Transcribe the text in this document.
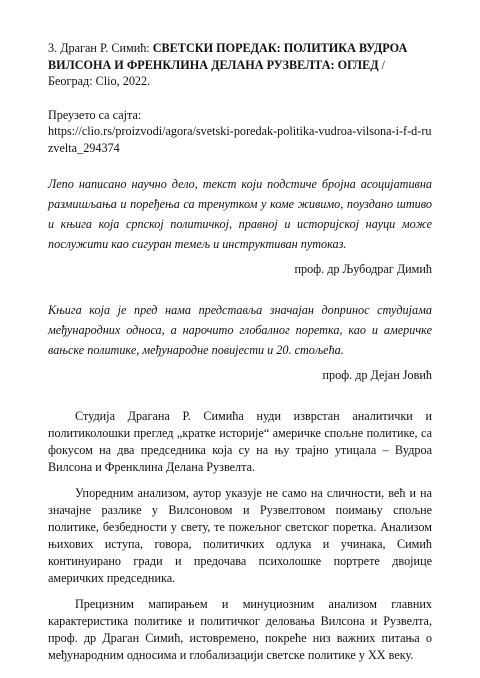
3. Драган Р. Симић: СВЕТСКИ ПОРЕДАК: ПОЛИТИКА ВУДРОА ВИЛСОНА И ФРЕНКЛИНА ДЕЛАНА РУЗВЕЛТА: ОГЛЕД / Београд: Clio, 2022.
Преузето са сајта:
https://clio.rs/proizvodi/agora/svetski-poredak-politika-vudroa-vilsona-i-f-d-ruzvelta_294374
Лепо написано научно дело, текст који подстиче бројна асоцијативна размишљања и поређења са тренутком у коме живимо, поуздано штиво и књига која српској политичкој, правној и историјској науци може послужити као сигуран темељ и инструктиван путоказ.
проф. др Љубодраг Димић
Књига која је пред нама представља значајан допринос студијама међународних односа, а нарочито глобалног поретка, као и америчке вањске политике, међународне повијести и 20. стољећа.
проф. др Дејан Јовић

Студија Драгана Р. Симића нуди изврстан аналитички и политиколошки преглед „кратке историје“ америчке спољне политике, са фокусом на два председника која су на њу трајно утицала – Вудроа Вилсона и Френклина Делана Рузвелта.

Упоредним анализом, аутор указује не само на сличности, већ и на значајне разлике у Вилсоновом и Рузвелтовом поимању спољне политике, безбедности у свету, те пожељног светског поретка. Анализом њихових иступа, говора, политичких одлука и учинака, Симић континуирано гради и предочава психолошке портрете двојице америчких председника.

Прецизним мапирањем и минуциозним анализом главних карактеристика политике и политичког деловања Вилсона и Рузвелта, проф. др Драган Симић, истовремено, покреће низ важних питања о међународним односима и глобализацији светске политике у XX веку.
